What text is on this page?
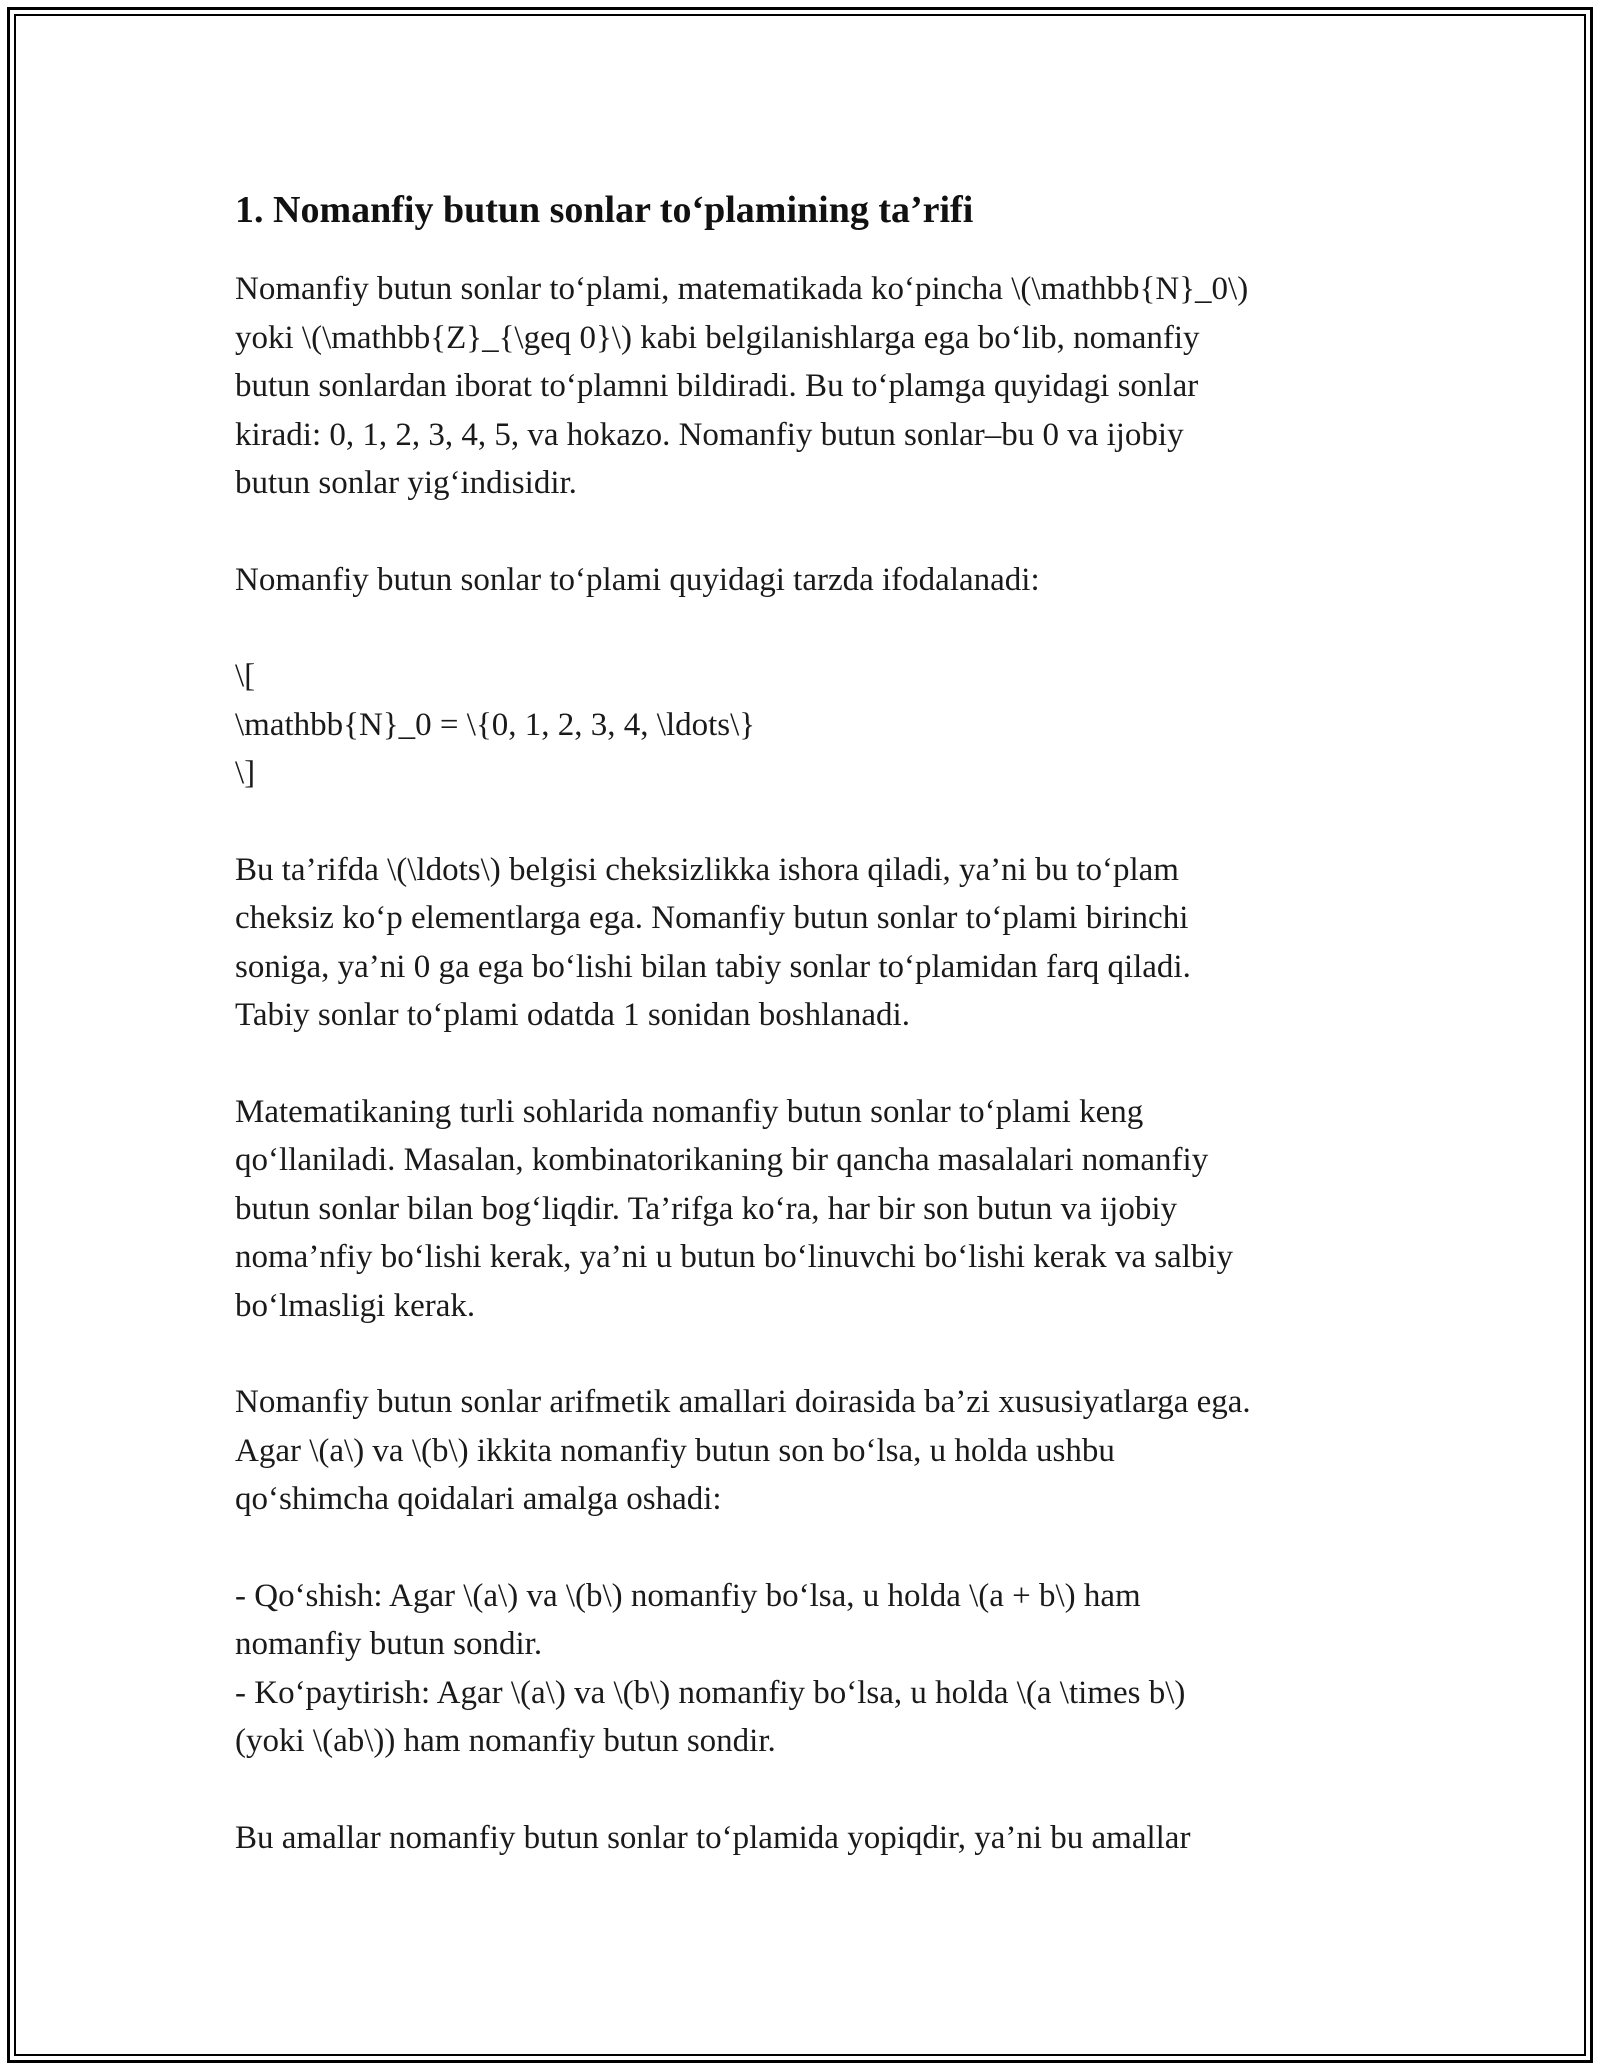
1. Nomanfiy butun sonlar to‘plamining ta’rifi
Nomanfiy butun sonlar to‘plami, matematikada ko‘pincha \(\mathbb{N}_0\)
yoki \(\mathbb{Z}_{\geq 0}\) kabi belgilanishlarga ega bo‘lib, nomanfiy
butun sonlardan iborat to‘plamni bildiradi. Bu to‘plamga quyidagi sonlar
kiradi: 0, 1, 2, 3, 4, 5, va hokazo. Nomanfiy butun sonlar–bu 0 va ijobiy
butun sonlar yig‘indisidir.
Nomanfiy butun sonlar to‘plami quyidagi tarzda ifodalanadi:
\[
\mathbb{N}_0 = \{0, 1, 2, 3, 4, \ldots\}
\]
Bu ta’rifda \(\ldots\) belgisi cheksizlikka ishora qiladi, ya’ni bu to‘plam
cheksiz ko‘p elementlarga ega. Nomanfiy butun sonlar to‘plami birinchi
soniga, ya’ni 0 ga ega bo‘lishi bilan tabiy sonlar to‘plamidan farq qiladi.
Tabiy sonlar to‘plami odatda 1 sonidan boshlanadi.
Matematikaning turli sohlarida nomanfiy butun sonlar to‘plami keng
qo‘llaniladi. Masalan, kombinatorikaning bir qancha masalalari nomanfiy
butun sonlar bilan bog‘liqdir. Ta’rifga ko‘ra, har bir son butun va ijobiy
noma’nfiy bo‘lishi kerak, ya’ni u butun bo‘linuvchi bo‘lishi kerak va salbiy
bo‘lmasligi kerak.
Nomanfiy butun sonlar arifmetik amallari doirasida ba’zi xususiyatlarga ega.
Agar \(a\) va \(b\) ikkita nomanfiy butun son bo‘lsa, u holda ushbu
qo‘shimcha qoidalari amalga oshadi:
- Qo‘shish: Agar \(a\) va \(b\) nomanfiy bo‘lsa, u holda \(a + b\) ham
nomanfiy butun sondir.
- Ko‘paytirish: Agar \(a\) va \(b\) nomanfiy bo‘lsa, u holda \(a \times b\)
(yoki \(ab\)) ham nomanfiy butun sondir.
Bu amallar nomanfiy butun sonlar to‘plamida yopiqdir, ya’ni bu amallar
